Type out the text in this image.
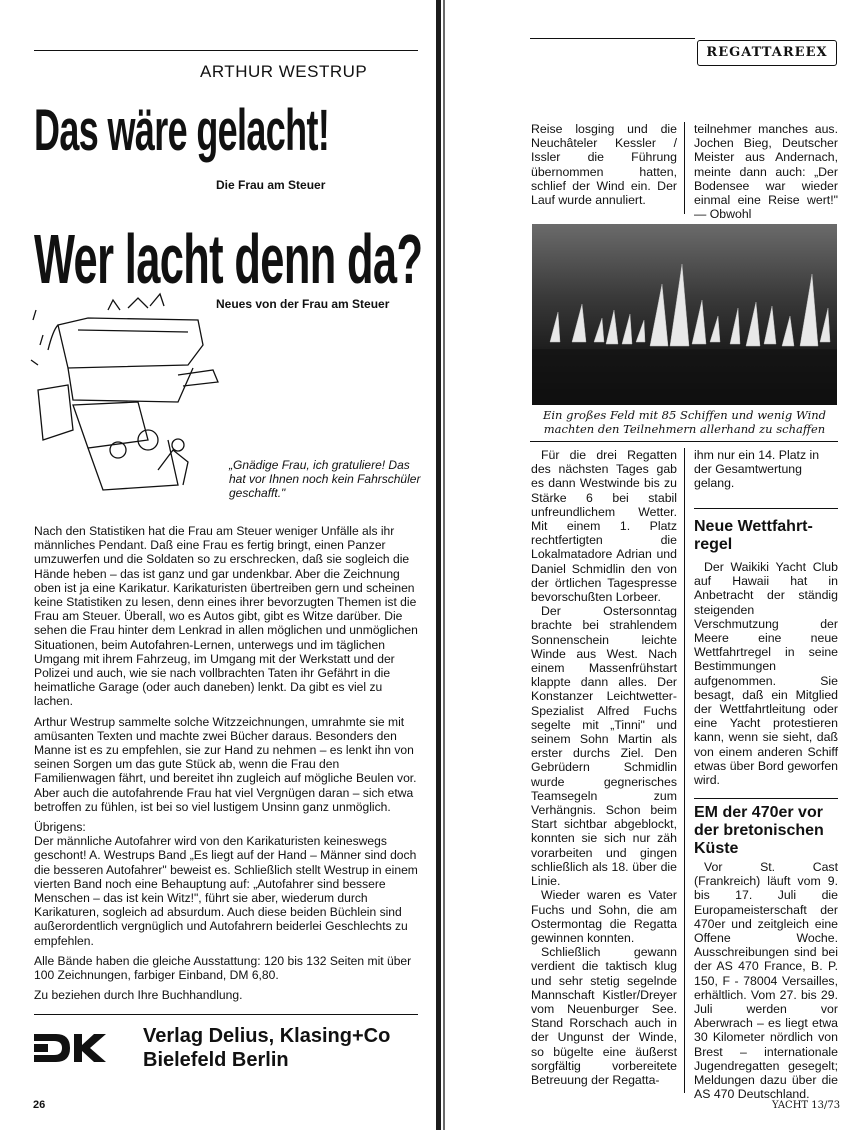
ARTHUR WESTRUP
Das wäre gelacht!
Die Frau am Steuer
Wer lacht denn da?
Neues von der Frau am Steuer
„Gnädige Frau, ich gratuliere! Das hat vor Ihnen noch kein Fahrschüler geschafft."

Nach den Statistiken hat die Frau am Steuer weniger Unfälle als ihr männliches Pendant. Daß eine Frau es fertig bringt, einen Panzer umzuwerfen und die Soldaten so zu erschrecken, daß sie sogleich die Hände heben – das ist ganz und gar undenkbar. Aber die Zeichnung oben ist ja eine Karikatur. Karikaturisten übertreiben gern und scheinen keine Statistiken zu lesen, denn eines ihrer bevorzugten Themen ist die Frau am Steuer. Überall, wo es Autos gibt, gibt es Witze darüber. Die sehen die Frau hinter dem Lenkrad in allen möglichen und unmöglichen Situationen, beim Autofahren-Lernen, unterwegs und im täglichen Umgang mit ihrem Fahrzeug, im Umgang mit der Werkstatt und der Polizei und auch, wie sie nach vollbrachten Taten ihr Gefährt in die heimatliche Garage (oder auch daneben) lenkt. Da gibt es viel zu lachen.

Arthur Westrup sammelte solche Witzzeichnungen, umrahmte sie mit amüsanten Texten und machte zwei Bücher daraus. Besonders den Manne ist es zu empfehlen, sie zur Hand zu nehmen – es lenkt ihn von seinen Sorgen um das gute Stück ab, wenn die Frau den Familienwagen fährt, und bereitet ihn zugleich auf mögliche Beulen vor. Aber auch die autofahrende Frau hat viel Vergnügen daran – sich etwa betroffen zu fühlen, ist bei so viel lustigem Unsinn ganz unmöglich.

Übrigens:
Der männliche Autofahrer wird von den Karikaturisten keineswegs geschont! A. Westrups Band „Es liegt auf der Hand – Männer sind doch die besseren Autofahrer" beweist es. Schließlich stellt Westrup in einem vierten Band noch eine Behauptung auf: „Autofahrer sind bessere Menschen – das ist kein Witz!", führt sie aber, wiederum durch Karikaturen, sogleich ad absurdum. Auch diese beiden Büchlein sind außerordentlich vergnüglich und Autofahrern beiderlei Geschlechts zu empfehlen.

Alle Bände haben die gleiche Ausstattung: 120 bis 132 Seiten mit über 100 Zeichnungen, farbiger Einband, DM 6,80.

Zu beziehen durch Ihre Buchhandlung.

Verlag Delius, Klasing+Co
Bielefeld Berlin
26
REGATTAREEX
Reise losging und die Neuchâteler Kessler / Issler die Führung übernommen hatten, schlief der Wind ein. Der Lauf wurde annuliert.
teilnehmer manches aus. Jochen Bieg, Deutscher Meister aus Andernach, meinte dann auch: „Der Bodensee war wieder einmal eine Reise wert!" — Obwohl
Ein großes Feld mit 85 Schiffen und wenig Wind machten den Teilnehmern allerhand zu schaffen

Für die drei Regatten des nächsten Tages gab es dann Westwinde bis zu Stärke 6 bei stabil unfreundlichem Wetter. Mit einem 1. Platz rechtfertigten die Lokalmatadore Adrian und Daniel Schmidlin den von der örtlichen Tagespresse bevorschußten Lorbeer.

Der Ostersonntag brachte bei strahlendem Sonnenschein leichte Winde aus West. Nach einem Massenfrühstart klappte dann alles. Der Konstanzer Leichtwetter-Spezialist Alfred Fuchs segelte mit „Tinni" und seinem Sohn Martin als erster durchs Ziel. Den Gebrüdern Schmidlin wurde gegnerisches Teamsegeln zum Verhängnis. Schon beim Start sichtbar abgeblockt, konnten sie sich nur zäh vorarbeiten und gingen schließlich als 18. über die Linie.

Wieder waren es Vater Fuchs und Sohn, die am Ostermontag die Regatta gewinnen konnten.

Schließlich gewann verdient die taktisch klug und sehr stetig segelnde Mannschaft Kistler/Dreyer vom Neuenburger See. Stand Rorschach auch in der Ungunst der Winde, so bügelte eine äußerst sorgfältig vorbereitete Betreuung der Regatta-

ihm nur ein 14. Platz in der Gesamtwertung gelang.
Neue Wettfahrt-regel
Der Waikiki Yacht Club auf Hawaii hat in Anbetracht der ständig steigenden Verschmutzung der Meere eine neue Wettfahrtregel in seine Bestimmungen aufgenommen. Sie besagt, daß ein Mitglied der Wettfahrtleitung oder eine Yacht protestieren kann, wenn sie sieht, daß von einem anderen Schiff etwas über Bord geworfen wird.
EM der 470er vor der bretonischen Küste
Vor St. Cast (Frankreich) läuft vom 9. bis 17. Juli die Europameisterschaft der 470er und zeitgleich eine Offene Woche. Ausschreibungen sind bei der AS 470 France, B. P. 150, F - 78004 Versailles, erhältlich. Vom 27. bis 29. Juli werden vor Aberwrach – es liegt etwa 30 Kilometer nördlich von Brest – internationale Jugendregatten gesegelt; Meldungen dazu über die AS 470 Deutschland.
YACHT 13/73
